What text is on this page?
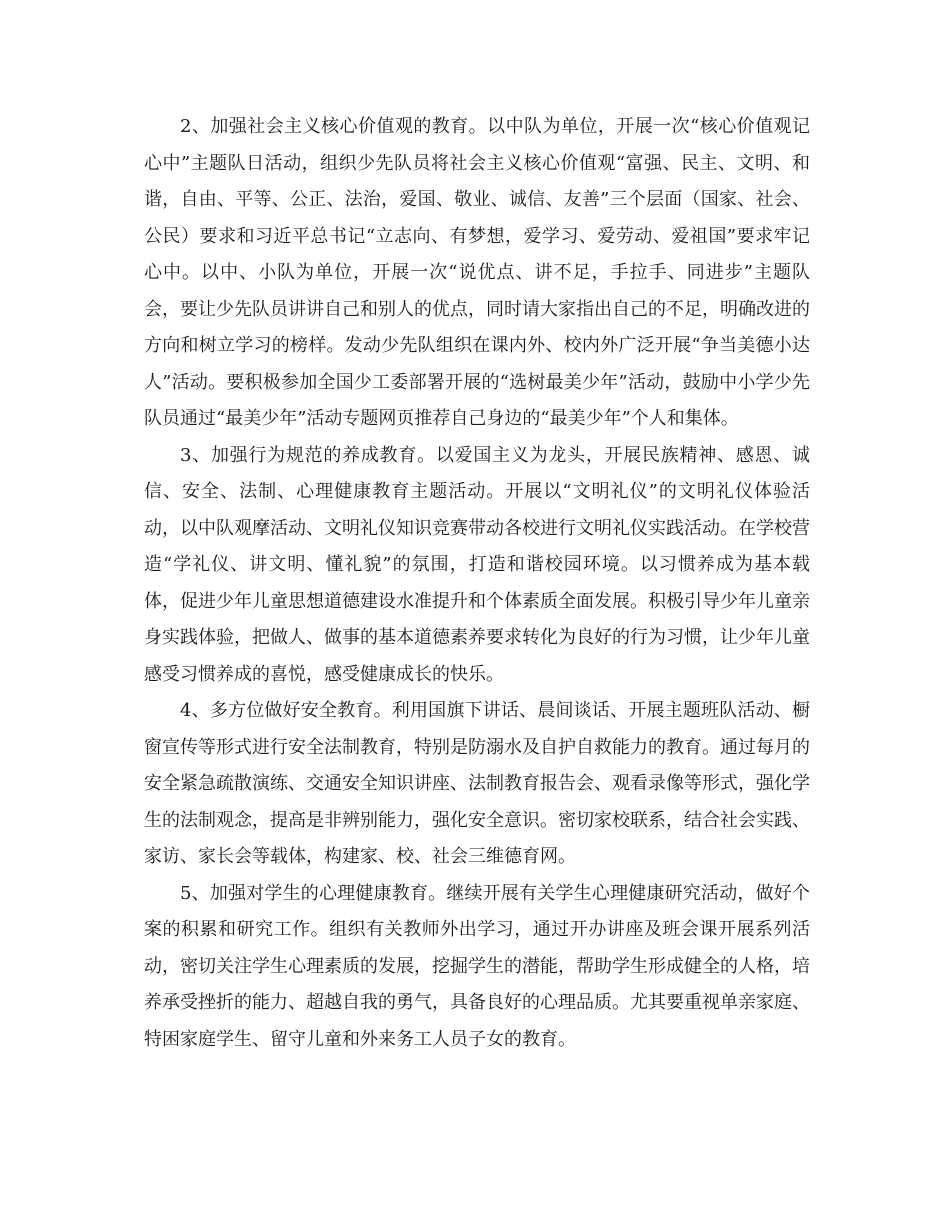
2、加强社会主义核心价值观的教育。以中队为单位，开展一次“核心价值观记心中”主题队日活动，组织少先队员将社会主义核心价值观“富强、民主、文明、和谐，自由、平等、公正、法治，爱国、敬业、诚信、友善”三个层面（国家、社会、公民）要求和习近平总书记“立志向、有梦想，爱学习、爱劳动、爱祖国”要求牢记心中。以中、小队为单位，开展一次“说优点、讲不足，手拉手、同进步”主题队会，要让少先队员讲讲自己和别人的优点，同时请大家指出自己的不足，明确改进的方向和树立学习的榜样。发动少先队组织在课内外、校内外广泛开展“争当美德小达人”活动。要积极参加全国少工委部署开展的“选树最美少年”活动，鼓励中小学少先队员通过“最美少年”活动专题网页推荐自己身边的“最美少年”个人和集体。

3、加强行为规范的养成教育。以爱国主义为龙头，开展民族精神、感恩、诚信、安全、法制、心理健康教育主题活动。开展以“文明礼仪”的文明礼仪体验活动，以中队观摩活动、文明礼仪知识竞赛带动各校进行文明礼仪实践活动。在学校营造“学礼仪、讲文明、懂礼貌”的氛围，打造和谐校园环境。以习惯养成为基本载体，促进少年儿童思想道德建设水准提升和个体素质全面发展。积极引导少年儿童亲身实践体验，把做人、做事的基本道德素养要求转化为良好的行为习惯，让少年儿童感受习惯养成的喜悦，感受健康成长的快乐。

4、多方位做好安全教育。利用国旗下讲话、晨间谈话、开展主题班队活动、橱窗宣传等形式进行安全法制教育，特别是防溺水及自护自救能力的教育。通过每月的安全紧急疏散演练、交通安全知识讲座、法制教育报告会、观看录像等形式，强化学生的法制观念，提高是非辨别能力，强化安全意识。密切家校联系，结合社会实践、家访、家长会等载体，构建家、校、社会三维德育网。

5、加强对学生的心理健康教育。继续开展有关学生心理健康研究活动，做好个案的积累和研究工作。组织有关教师外出学习，通过开办讲座及班会课开展系列活动，密切关注学生心理素质的发展，挖掘学生的潜能，帮助学生形成健全的人格，培养承受挫折的能力、超越自我的勇气，具备良好的心理品质。尤其要重视单亲家庭、特困家庭学生、留守儿童和外来务工人员子女的教育。
